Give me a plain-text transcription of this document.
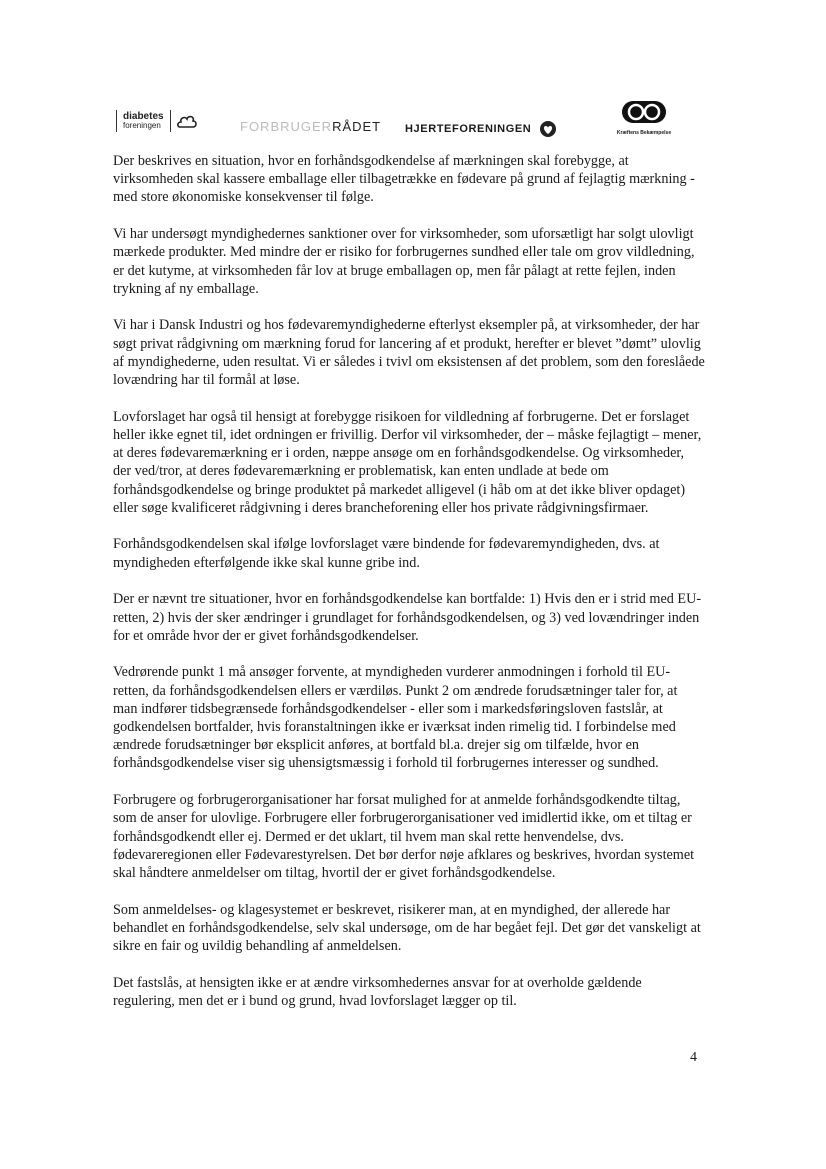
diabetes
foreningen	FORBRUGERRÅDET HJERTEFORENINGEN	Kræftens Bekæmpelse

Der beskrives en situation, hvor en forhåndsgodkendelse af mærkningen skal forebygge, at virksomheden skal kassere emballage eller tilbagetrække en fødevare på grund af fejlagtig mærkning - med store økonomiske konsekvenser til følge.

Vi har undersøgt myndighedernes sanktioner over for virksomheder, som uforsætligt har solgt ulovligt mærkede produkter. Med mindre der er risiko for forbrugernes sundhed eller tale om grov vildledning, er det kutyme, at virksomheden får lov at bruge emballagen op, men får pålagt at rette fejlen, inden trykning af ny emballage.

Vi har i Dansk Industri og hos fødevaremyndighederne efterlyst eksempler på, at virksomheder, der har søgt privat rådgivning om mærkning forud for lancering af et produkt, herefter er blevet ”dømt” ulovlig af myndighederne, uden resultat. Vi er således i tvivl om eksistensen af det problem, som den foreslåede lovændring har til formål at løse.

Lovforslaget har også til hensigt at forebygge risikoen for vildledning af forbrugerne. Det er forslaget heller ikke egnet til, idet ordningen er frivillig. Derfor vil virksomheder, der – måske fejlagtigt – mener, at deres fødevaremærkning er i orden, næppe ansøge om en forhåndsgodkendelse. Og virksomheder, der ved/tror, at deres fødevaremærkning er problematisk, kan enten undlade at bede om forhåndsgodkendelse og bringe produktet på markedet alligevel (i håb om at det ikke bliver opdaget) eller søge kvalificeret rådgivning i deres brancheforening eller hos private rådgivningsfirmaer.

Forhåndsgodkendelsen skal ifølge lovforslaget være bindende for fødevaremyndigheden, dvs. at myndigheden efterfølgende ikke skal kunne gribe ind.

Der er nævnt tre situationer, hvor en forhåndsgodkendelse kan bortfalde: 1) Hvis den er i strid med EU-retten, 2) hvis der sker ændringer i grundlaget for forhåndsgodkendelsen, og 3) ved lovændringer inden for et område hvor der er givet forhåndsgodkendelser.

Vedrørende punkt 1 må ansøger forvente, at myndigheden vurderer anmodningen i forhold til EU-retten, da forhåndsgodkendelsen ellers er værdiløs. Punkt 2 om ændrede forudsætninger taler for, at man indfører tidsbegrænsede forhåndsgodkendelser - eller som i markedsføringsloven fastslår, at godkendelsen bortfalder, hvis foranstaltningen ikke er iværksat inden rimelig tid. I forbindelse med ændrede forudsætninger bør eksplicit anføres, at bortfald bl.a. drejer sig om tilfælde, hvor en forhåndsgodkendelse viser sig uhensigtsmæssig i forhold til forbrugernes interesser og sundhed.

Forbrugere og forbrugerorganisationer har forsat mulighed for at anmelde forhåndsgodkendte tiltag, som de anser for ulovlige. Forbrugere eller forbrugerorganisationer ved imidlertid ikke, om et tiltag er forhåndsgodkendt eller ej. Dermed er det uklart, til hvem man skal rette henvendelse, dvs. fødevareregionen eller Fødevarestyrelsen. Det bør derfor nøje afklares og beskrives, hvordan systemet skal håndtere anmeldelser om tiltag, hvortil der er givet forhåndsgodkendelse.

Som anmeldelses- og klagesystemet er beskrevet, risikerer man, at en myndighed, der allerede har behandlet en forhåndsgodkendelse, selv skal undersøge, om de har begået fejl. Det gør det vanskeligt at sikre en fair og uvildig behandling af anmeldelsen.

Det fastslås, at hensigten ikke er at ændre virksomhedernes ansvar for at overholde gældende regulering, men det er i bund og grund, hvad lovforslaget lægger op til.

4
